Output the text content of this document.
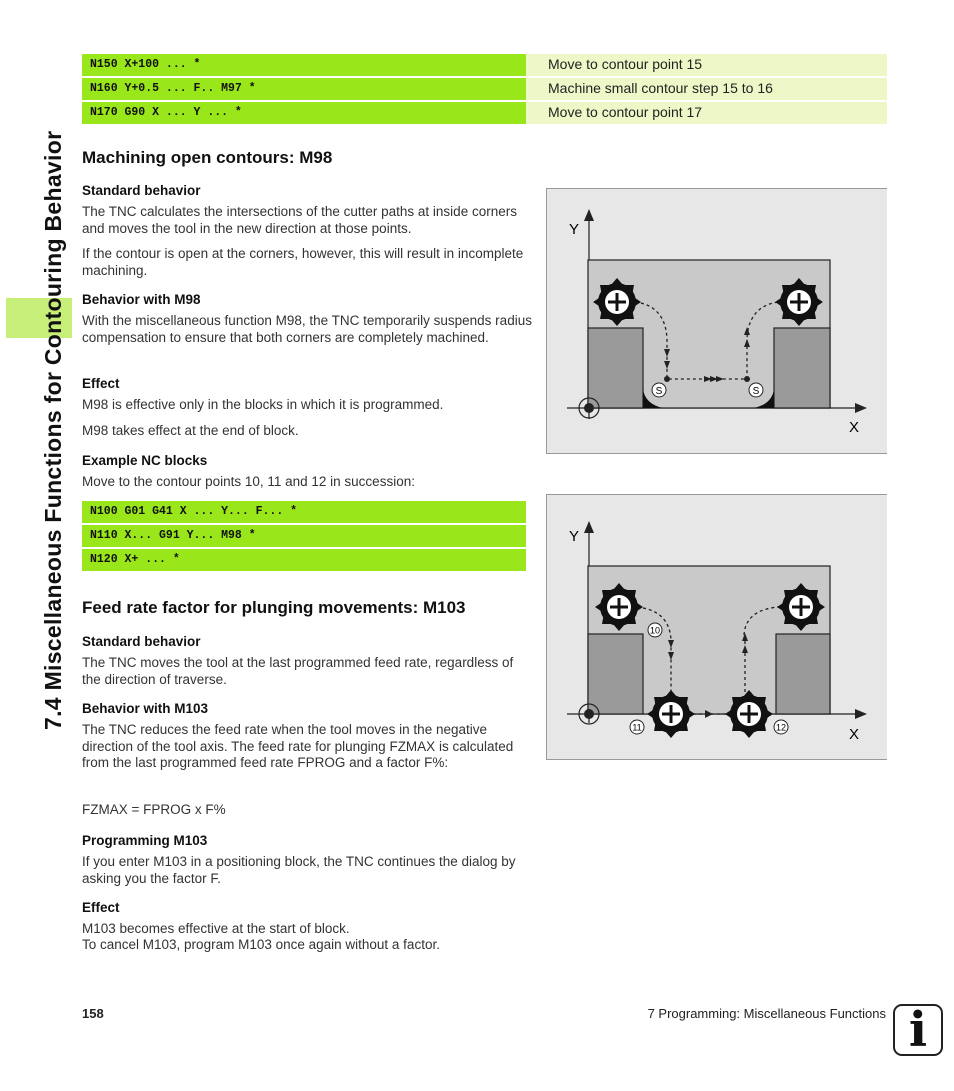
7.4 Miscellaneous Functions for Contouring Behavior
N150 X+100 ... *	Move to contour point 15
N160 Y+0.5 ... F.. M97 *	Machine small contour step 15 to 16
N170 G90 X ... Y ... *	Move to contour point 17
Machining open contours: M98
Standard behavior
The TNC calculates the intersections of the cutter paths at inside corners and moves the tool in the new direction at those points.
If the contour is open at the corners, however, this will result in incomplete machining.
Behavior with M98
With the miscellaneous function M98, the TNC temporarily suspends radius compensation to ensure that both corners are completely machined.
Effect
M98 is effective only in the blocks in which it is programmed.
M98 takes effect at the end of block.
Example NC blocks
Move to the contour points 10, 11 and 12 in succession:
N100 G01 G41 X ... Y... F... *
N110 X... G91 Y... M98 *
N120 X+ ... *
Feed rate factor for plunging movements: M103
Standard behavior
The TNC moves the tool at the last programmed feed rate, regardless of the direction of traverse.
Behavior with M103
The TNC reduces the feed rate when the tool moves in the negative direction of the tool axis. The feed rate for plunging FZMAX is calculated from the last programmed feed rate FPROG and a factor F%:
FZMAX = FPROG x F%
Programming M103
If you enter M103 in a positioning block, the TNC continues the dialog by asking you the factor F.
Effect
M103 becomes effective at the start of block.
To cancel M103, program M103 once again without a factor.
Y
X
S	S
Y
X
10
11	12
158	7 Programming: Miscellaneous Functions i
